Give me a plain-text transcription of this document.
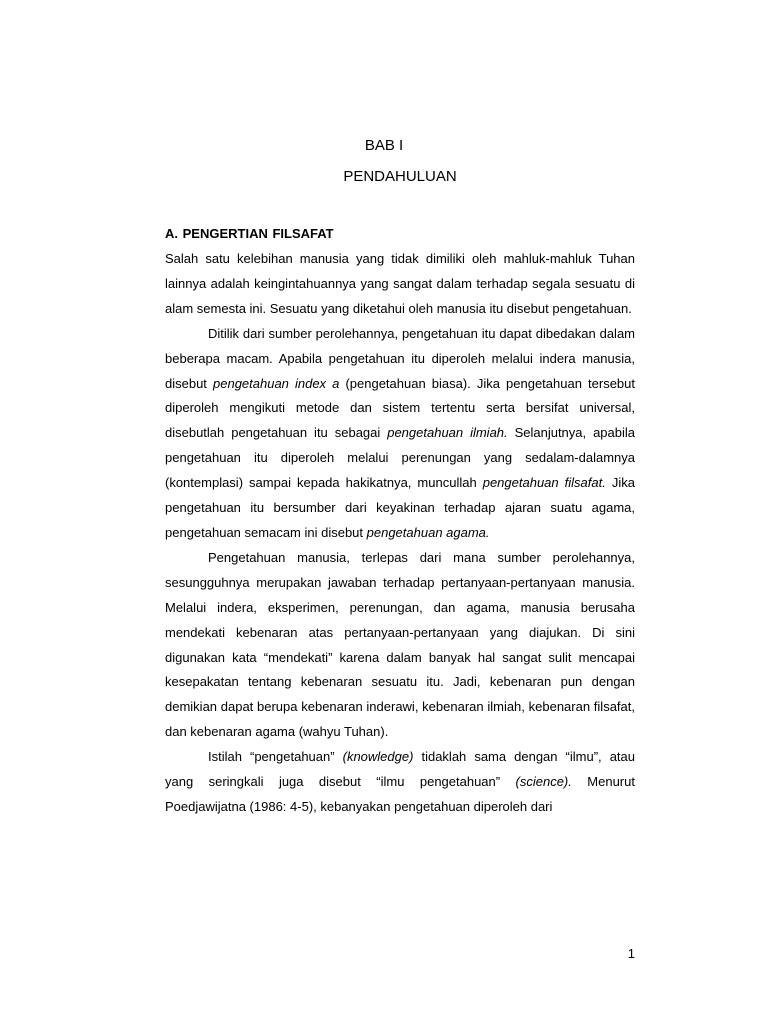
BAB I
PENDAHULUAN
A. PENGERTIAN FILSAFAT

Salah satu kelebihan manusia yang tidak dimiliki oleh mahluk-mahluk Tuhan lainnya adalah keingintahuannya yang sangat dalam terhadap segala sesuatu di alam semesta ini. Sesuatu yang diketahui oleh manusia itu disebut pengetahuan.

Ditilik dari sumber perolehannya, pengetahuan itu dapat dibedakan dalam beberapa macam. Apabila pengetahuan itu diperoleh melalui indera manusia, disebut pengetahuan index a (pengetahuan biasa). Jika pengetahuan tersebut diperoleh mengikuti metode dan sistem tertentu serta bersifat universal, disebutlah pengetahuan itu sebagai pengetahuan ilmiah. Selanjutnya, apabila pengetahuan itu diperoleh melalui perenungan yang sedalam-dalamnya (kontemplasi) sampai kepada hakikatnya, muncullah pengetahuan filsafat. Jika pengetahuan itu bersumber dari keyakinan terhadap ajaran suatu agama, pengetahuan semacam ini disebut pengetahuan agama.

Pengetahuan manusia, terlepas dari mana sumber perolehannya, sesungguhnya merupakan jawaban terhadap pertanyaan-pertanyaan manusia. Melalui indera, eksperimen, perenungan, dan agama, manusia berusaha mendekati kebenaran atas pertanyaan-pertanyaan yang diajukan. Di sini digunakan kata “mendekati” karena dalam banyak hal sangat sulit mencapai kesepakatan tentang kebenaran sesuatu itu. Jadi, kebenaran pun dengan demikian dapat berupa kebenaran inderawi, kebenaran ilmiah, kebenaran filsafat, dan kebenaran agama (wahyu Tuhan).

Istilah “pengetahuan” (knowledge) tidaklah sama dengan “ilmu”, atau yang seringkali juga disebut “ilmu pengetahuan” (science). Menurut Poedjawijatna (1986: 4-5), kebanyakan pengetahuan diperoleh dari

1
